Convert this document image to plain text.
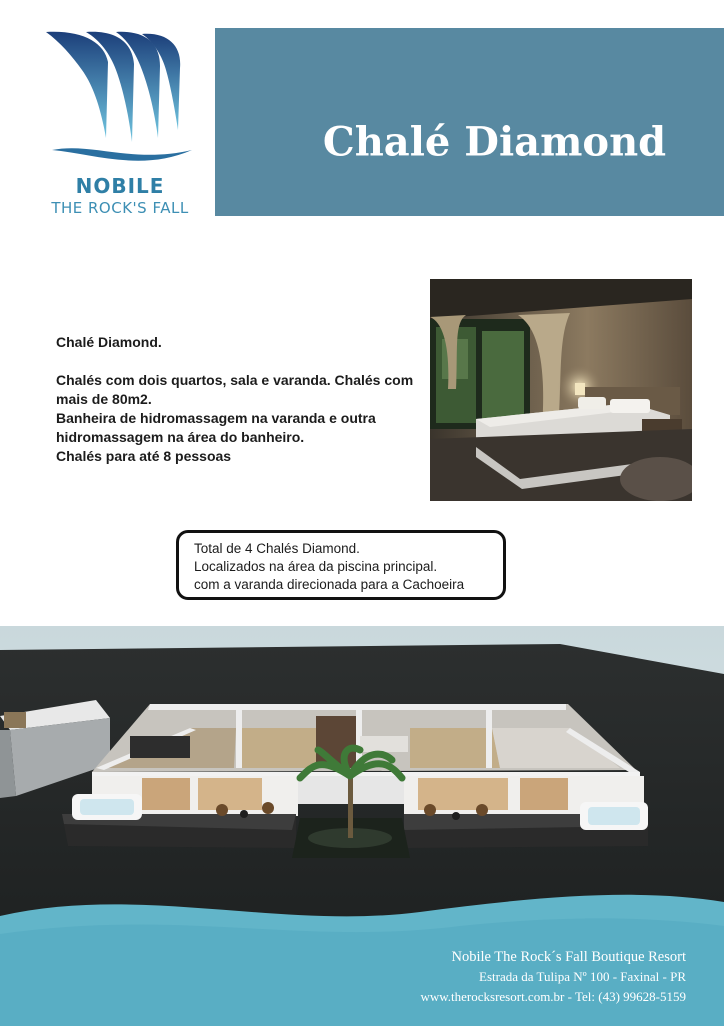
NOBILE
THE ROCK'S FALL
Chalé Diamond

Chalé Diamond.

Chalés com dois quartos, sala e varanda. Chalés com mais de 80m2.

Banheira de hidromassagem na varanda e outra hidromassagem na área do banheiro.

Chalés para até 8 pessoas

Total de 4 Chalés Diamond.

Localizados na área da piscina principal.

com a varanda direcionada para a Cachoeira

Nobile The Rock´s Fall Boutique Resort
Estrada da Tulipa Nº 100 - Faxinal - PR
www.therocksresort.com.br - Tel: (43) 99628-5159
